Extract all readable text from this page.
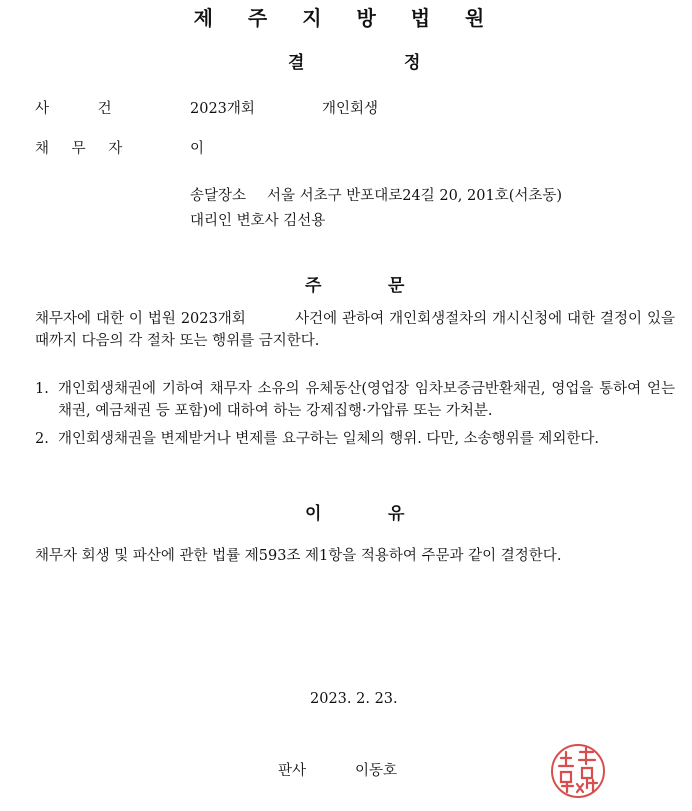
제 주 지 방 법 원
결	정
사 건	2023개회	개인회생
채 무 자	이
송달장소 서울 서초구 반포대로24길 20, 201호(서초동)
대리인 변호사 김선용
주	문
채무자에 대한 이 법원 2023개회          사건에 관하여 개인회생절차의 개시신청에 대한 결정이 있을 때까지 다음의 각 절차 또는 행위를 금지한다.
1. 개인회생채권에 기하여 채무자 소유의 유체동산(영업장 임차보증금반환채권, 영업을 통하여 얻는 채권, 예금채권 등 포함)에 대하여 하는 강제집행·가압류 또는 가처분.
2. 개인회생채권을 변제받거나 변제를 요구하는 일체의 행위. 다만, 소송행위를 제외한다.
이	유
채무자 회생 및 파산에 관한 법률 제593조 제1항을 적용하여 주문과 같이 결정한다.
2023. 2. 23.
판사	이동호
